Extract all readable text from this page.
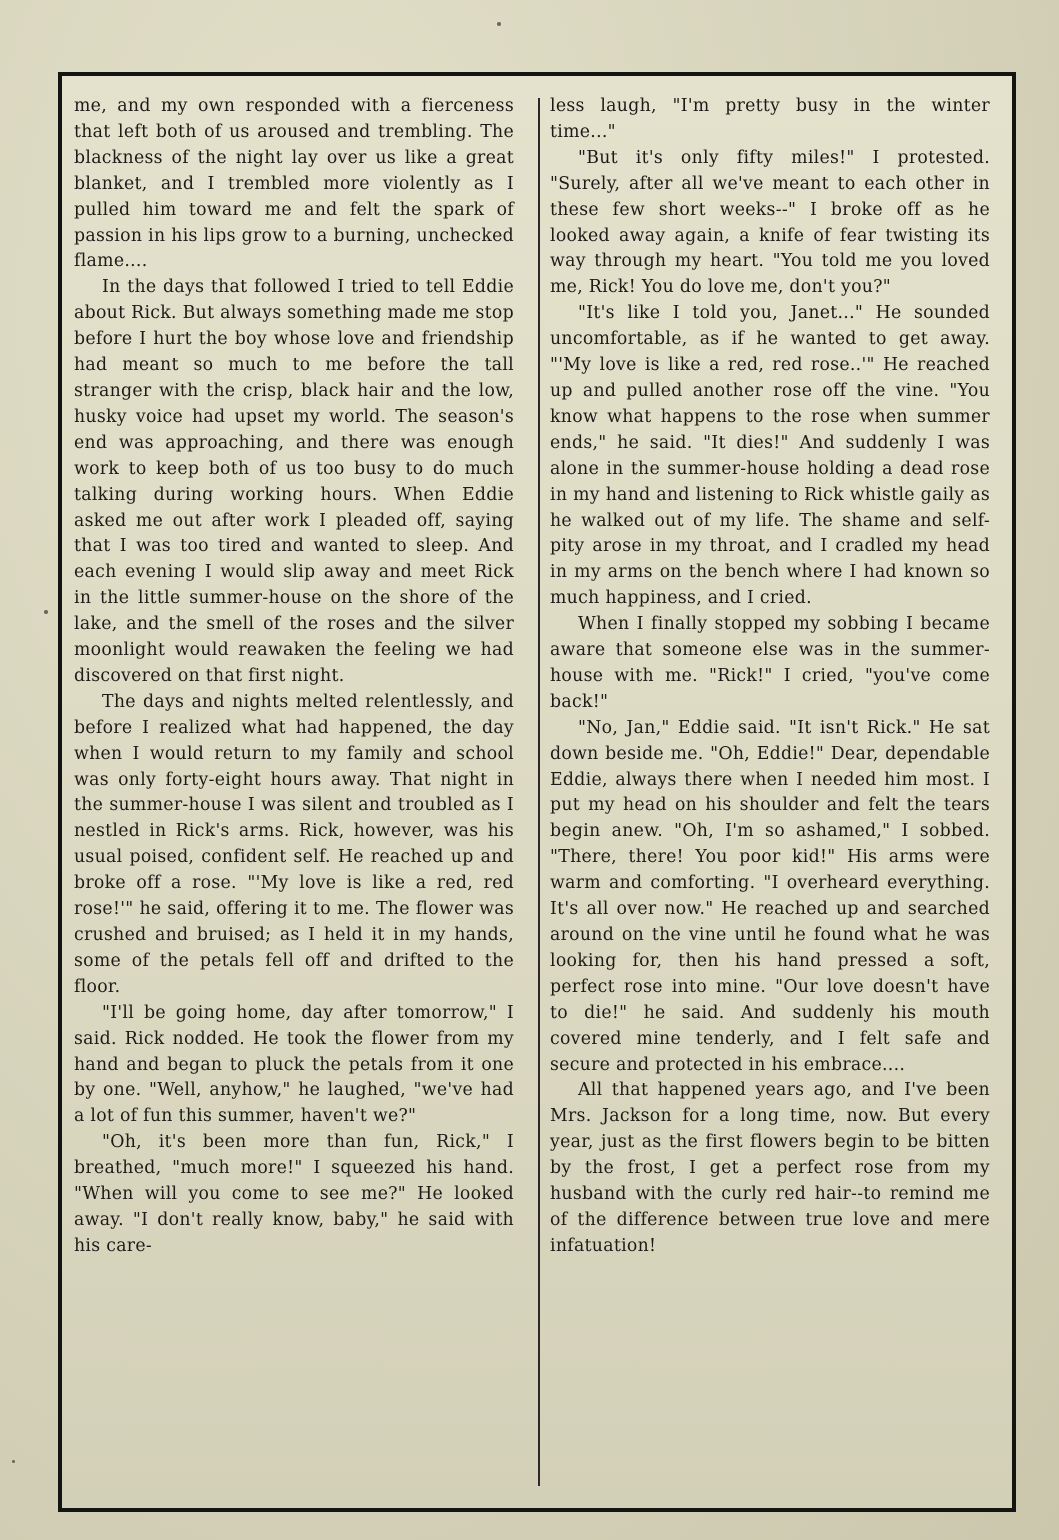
me, and my own responded with a fierceness that left both of us aroused and trembling. The blackness of the night lay over us like a great blanket, and I trembled more violently as I pulled him toward me and felt the spark of passion in his lips grow to a burning, unchecked flame....

In the days that followed I tried to tell Eddie about Rick. But always something made me stop before I hurt the boy whose love and friendship had meant so much to me before the tall stranger with the crisp, black hair and the low, husky voice had upset my world. The season's end was approaching, and there was enough work to keep both of us too busy to do much talking during working hours. When Eddie asked me out after work I pleaded off, saying that I was too tired and wanted to sleep. And each evening I would slip away and meet Rick in the little summer-house on the shore of the lake, and the smell of the roses and the silver moonlight would reawaken the feeling we had discovered on that first night.

The days and nights melted relentlessly, and before I realized what had happened, the day when I would return to my family and school was only forty-eight hours away. That night in the summer-house I was silent and troubled as I nestled in Rick's arms. Rick, however, was his usual poised, confident self. He reached up and broke off a rose. "'My love is like a red, red rose!'" he said, offering it to me. The flower was crushed and bruised; as I held it in my hands, some of the petals fell off and drifted to the floor.

"I'll be going home, day after tomorrow," I said. Rick nodded. He took the flower from my hand and began to pluck the petals from it one by one. "Well, anyhow," he laughed, "we've had a lot of fun this summer, haven't we?"

"Oh, it's been more than fun, Rick," I breathed, "much more!" I squeezed his hand. "When will you come to see me?" He looked away. "I don't really know, baby," he said with his care-

less laugh, "I'm pretty busy in the winter time..."

"But it's only fifty miles!" I protested. "Surely, after all we've meant to each other in these few short weeks--" I broke off as he looked away again, a knife of fear twisting its way through my heart. "You told me you loved me, Rick! You do love me, don't you?"

"It's like I told you, Janet..." He sounded uncomfortable, as if he wanted to get away. "'My love is like a red, red rose..'" He reached up and pulled another rose off the vine. "You know what happens to the rose when summer ends," he said. "It dies!" And suddenly I was alone in the summer-house holding a dead rose in my hand and listening to Rick whistle gaily as he walked out of my life. The shame and self-pity arose in my throat, and I cradled my head in my arms on the bench where I had known so much happiness, and I cried.

When I finally stopped my sobbing I became aware that someone else was in the summer-house with me. "Rick!" I cried, "you've come back!"

"No, Jan," Eddie said. "It isn't Rick." He sat down beside me. "Oh, Eddie!" Dear, dependable Eddie, always there when I needed him most. I put my head on his shoulder and felt the tears begin anew. "Oh, I'm so ashamed," I sobbed. "There, there! You poor kid!" His arms were warm and comforting. "I overheard everything. It's all over now." He reached up and searched around on the vine until he found what he was looking for, then his hand pressed a soft, perfect rose into mine. "Our love doesn't have to die!" he said. And suddenly his mouth covered mine tenderly, and I felt safe and secure and protected in his embrace....

All that happened years ago, and I've been Mrs. Jackson for a long time, now. But every year, just as the first flowers begin to be bitten by the frost, I get a perfect rose from my husband with the curly red hair--to remind me of the difference between true love and mere infatuation!
